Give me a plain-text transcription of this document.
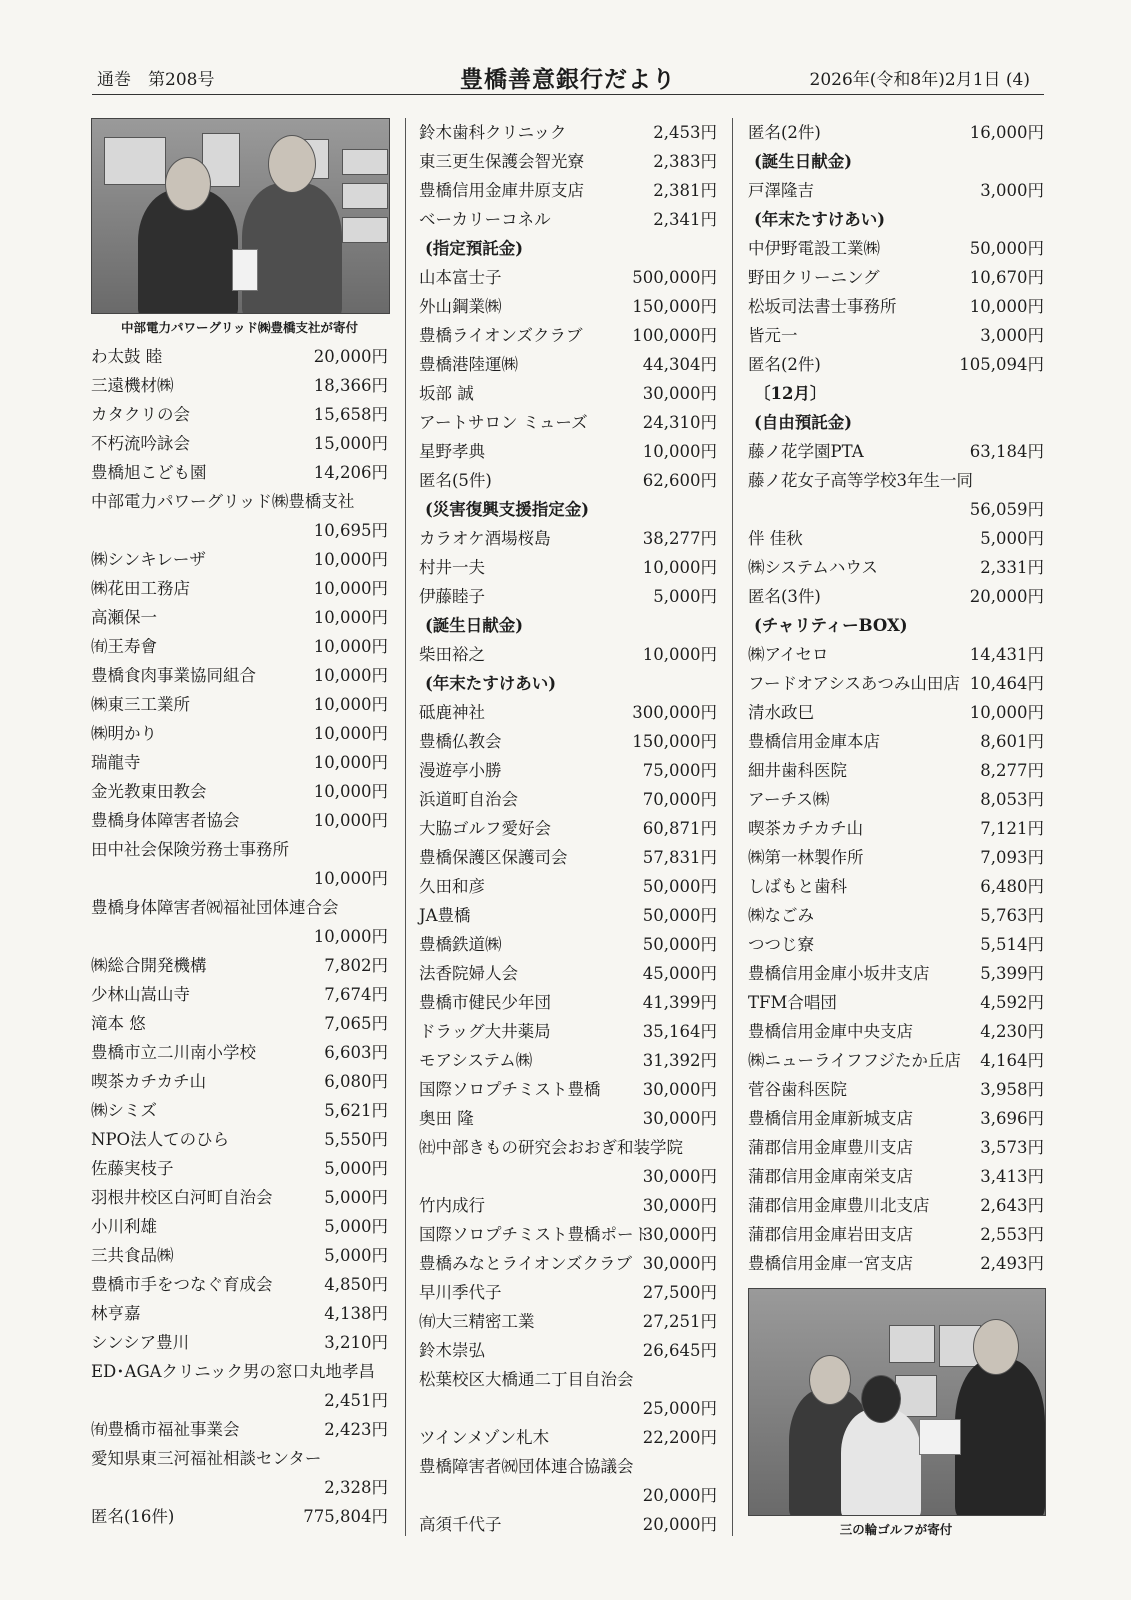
通巻　第208号	豊橋善意銀行だより	2026年(令和8年)2月1日 (4)
中部電力パワーグリッド㈱豊橋支社が寄付
わ太鼓 睦	20,000円
三遠機材㈱	18,366円
カタクリの会	15,658円
不朽流吟詠会	15,000円
豊橋旭こども園	14,206円
中部電力パワーグリッド㈱豊橋支社
10,695円
㈱シンキレーザ	10,000円
㈱花田工務店	10,000円
高瀬保一	10,000円
㈲王寿會	10,000円
豊橋食肉事業協同組合	10,000円
㈱東三工業所	10,000円
㈱明かり	10,000円
瑞龍寺	10,000円
金光教東田教会	10,000円
豊橋身体障害者協会	10,000円
田中社会保険労務士事務所
10,000円
豊橋身体障害者㈷福祉団体連合会
10,000円
㈱総合開発機構	7,802円
少林山嵩山寺	7,674円
滝本 悠	7,065円
豊橋市立二川南小学校	6,603円
喫茶カチカチ山	6,080円
㈱シミズ	5,621円
NPO法人てのひら	5,550円
佐藤実枝子	5,000円
羽根井校区白河町自治会	5,000円
小川利雄	5,000円
三共食品㈱	5,000円
豊橋市手をつなぐ育成会	4,850円
林亨嘉	4,138円
シンシア豊川	3,210円
ED･AGAクリニック男の窓口丸地孝昌
2,451円
㈲豊橋市福祉事業会	2,423円
愛知県東三河福祉相談センター
2,328円
匿名(16件)	775,804円
鈴木歯科クリニック	2,453円
東三更生保護会智光寮	2,383円
豊橋信用金庫井原支店	2,381円
ベーカリーコネル	2,341円
(指定預託金)
山本富士子	500,000円
外山鋼業㈱	150,000円
豊橋ライオンズクラブ	100,000円
豊橋港陸運㈱	44,304円
坂部 誠	30,000円
アートサロン ミューズ	24,310円
星野孝典	10,000円
匿名(5件)	62,600円
(災害復興支援指定金)
カラオケ酒場桜島	38,277円
村井一夫	10,000円
伊藤睦子	5,000円
(誕生日献金)
柴田裕之	10,000円
(年末たすけあい)
砥鹿神社	300,000円
豊橋仏教会	150,000円
漫遊亭小勝	75,000円
浜道町自治会	70,000円
大脇ゴルフ愛好会	60,871円
豊橋保護区保護司会	57,831円
久田和彦	50,000円
JA豊橋	50,000円
豊橋鉄道㈱	50,000円
法香院婦人会	45,000円
豊橋市健民少年団	41,399円
ドラッグ大井薬局	35,164円
モアシステム㈱	31,392円
国際ソロプチミスト豊橋	30,000円
奥田 隆	30,000円
㈳中部きもの研究会おおぎ和装学院
30,000円
竹内成行	30,000円
国際ソロプチミスト豊橋ポート
30,000円
豊橋みなとライオンズクラブ 30,000円
早川季代子	27,500円
㈲大三精密工業	27,251円
鈴木崇弘	26,645円
松葉校区大橋通二丁目自治会
25,000円
ツインメゾン札木	22,200円
豊橋障害者㈷団体連合協議会
20,000円
高須千代子	20,000円
匿名(2件)	16,000円
(誕生日献金)
戸澤隆吉	3,000円
(年末たすけあい)
中伊野電設工業㈱	50,000円
野田クリーニング	10,670円
松坂司法書士事務所	10,000円
皆元一	3,000円
匿名(2件)	105,094円
〔12月〕
(自由預託金)
藤ノ花学園PTA	63,184円
藤ノ花女子高等学校3年生一同
56,059円
伴 佳秋	5,000円
㈱システムハウス	2,331円
匿名(3件)	20,000円
(チャリティーBOX)
㈱アイセロ	14,431円
フードオアシスあつみ山田店 10,464円
清水政巳	10,000円
豊橋信用金庫本店	8,601円
細井歯科医院	8,277円
アーチス㈱	8,053円
喫茶カチカチ山	7,121円
㈱第一林製作所	7,093円
しばもと歯科	6,480円
㈱なごみ	5,763円
つつじ寮	5,514円
豊橋信用金庫小坂井支店	5,399円
TFM合唱団	4,592円
豊橋信用金庫中央支店	4,230円
㈱ニューライフフジたか丘店 4,164円
菅谷歯科医院	3,958円
豊橋信用金庫新城支店	3,696円
蒲郡信用金庫豊川支店	3,573円
蒲郡信用金庫南栄支店	3,413円
蒲郡信用金庫豊川北支店	2,643円
蒲郡信用金庫岩田支店	2,553円
豊橋信用金庫一宮支店	2,493円
三の輪ゴルフが寄付
